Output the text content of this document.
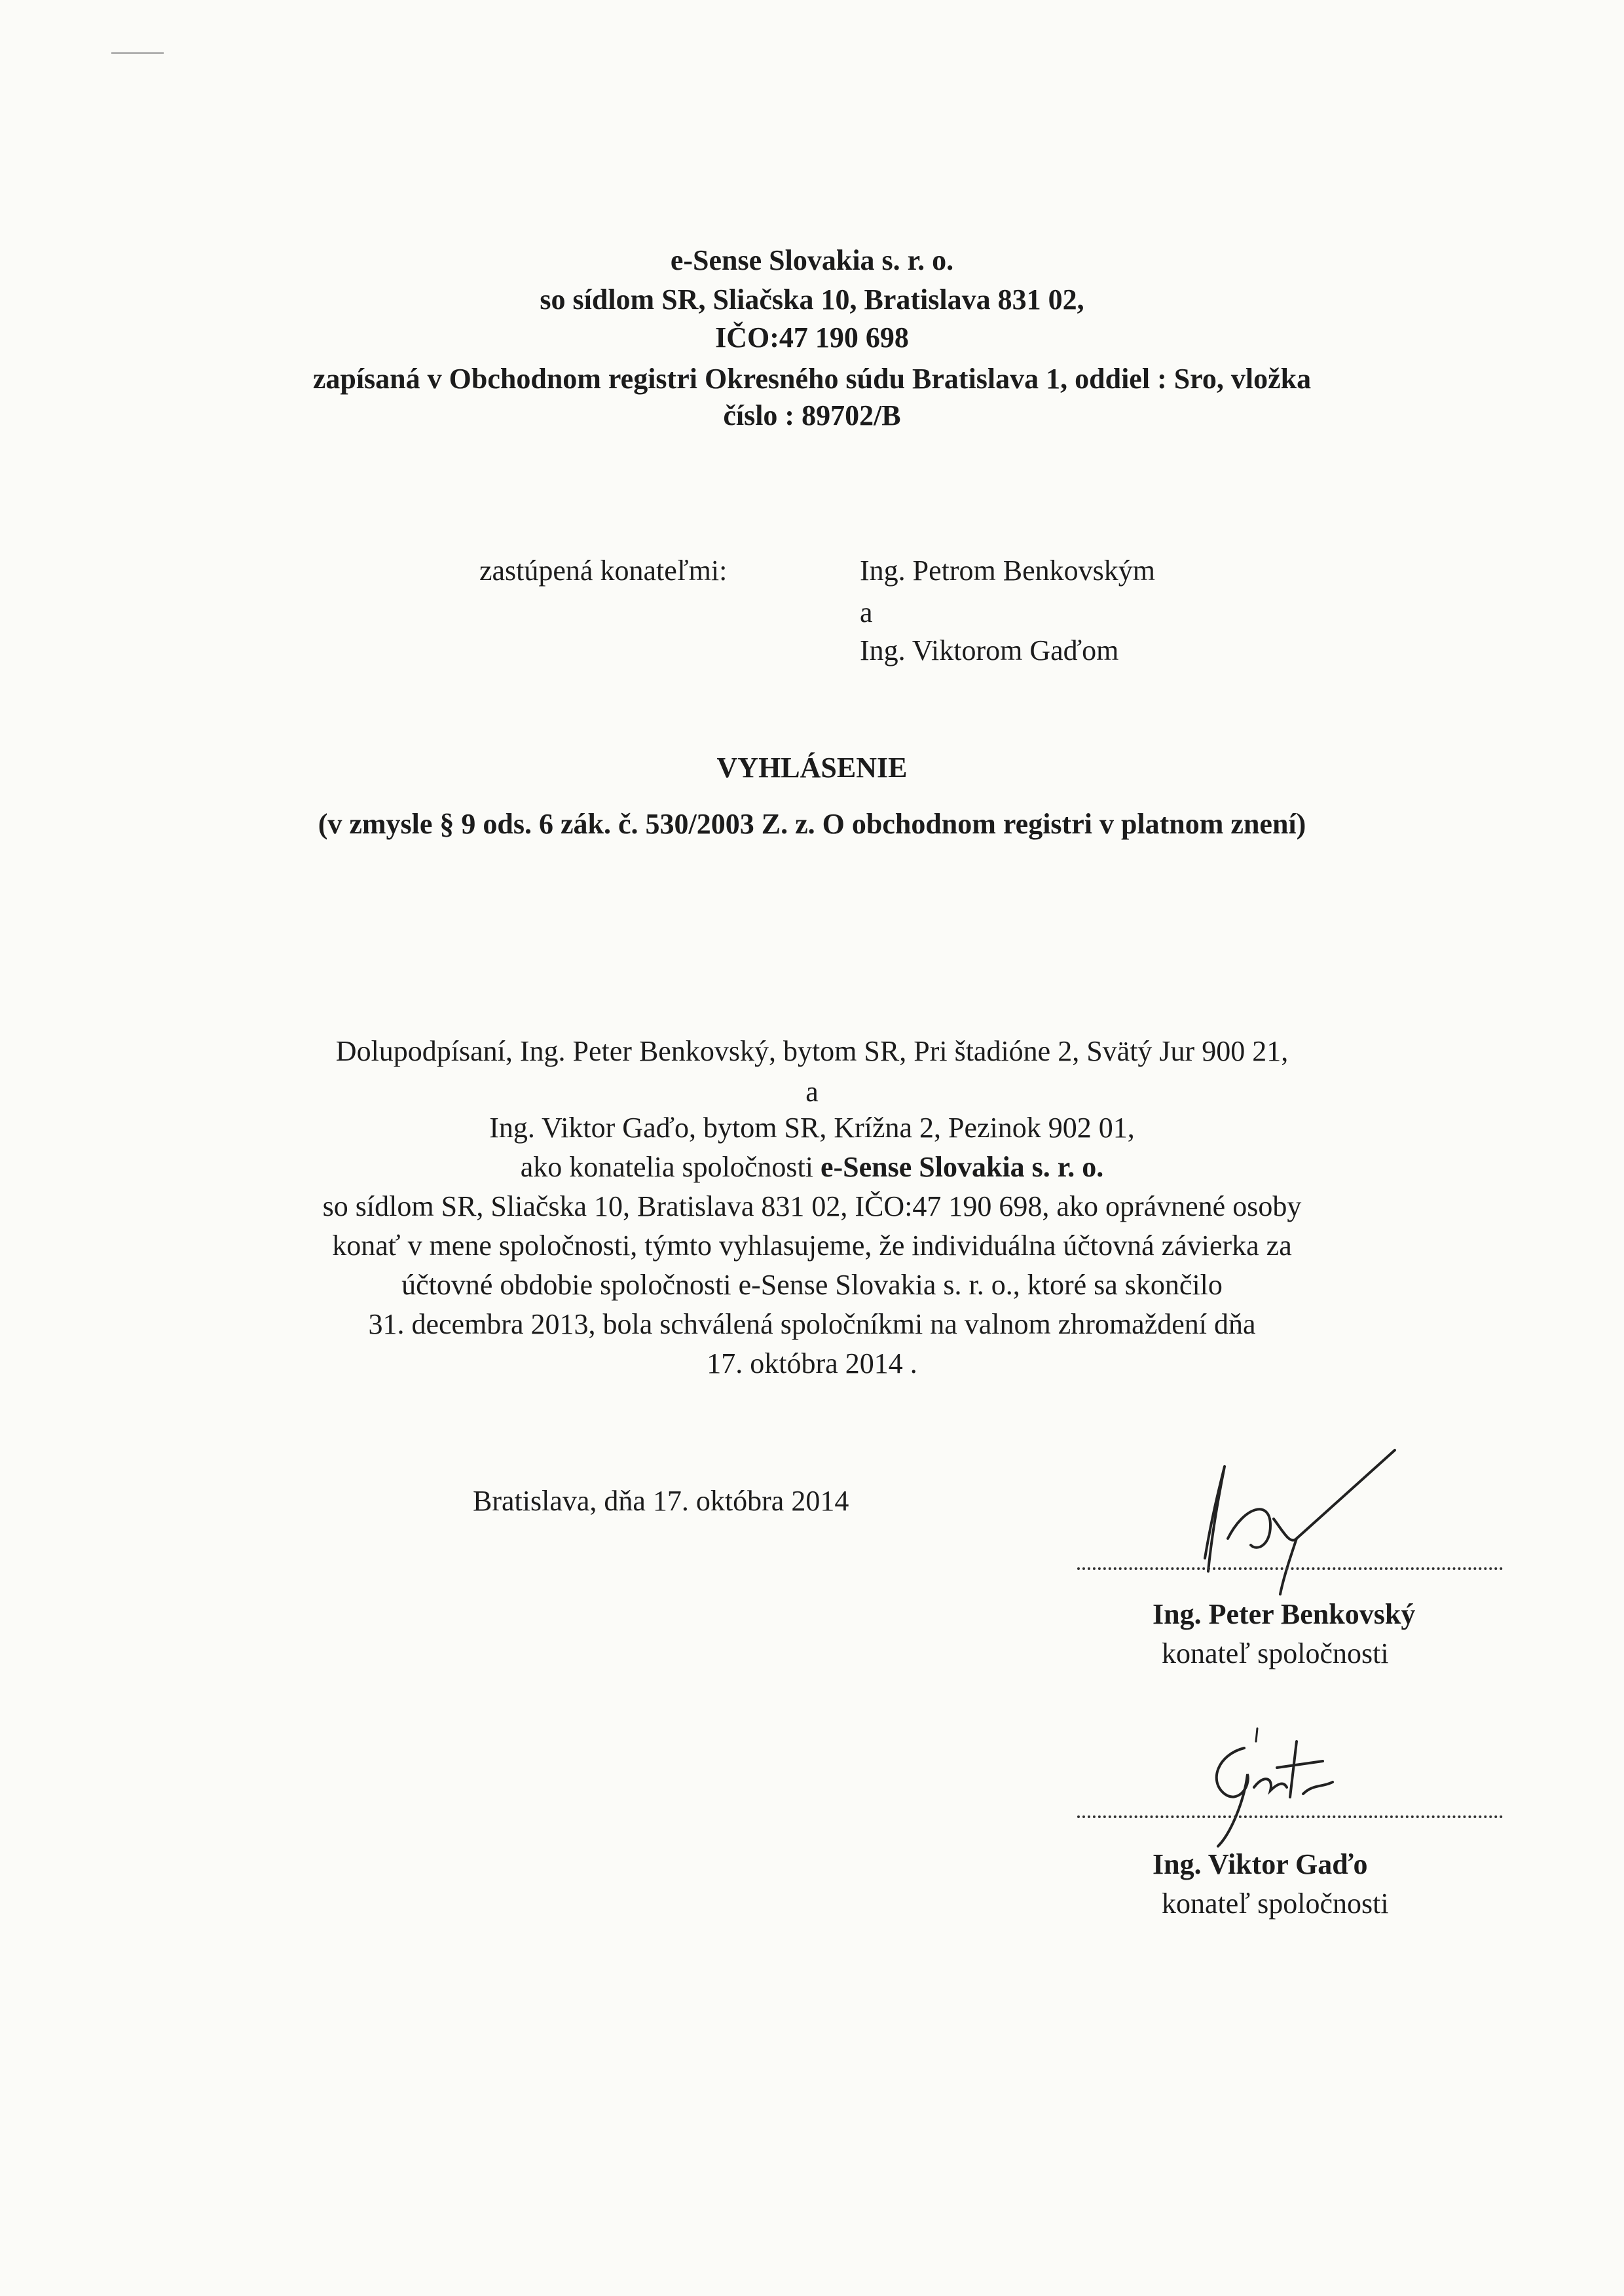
e-Sense Slovakia s. r. o.
so sídlom SR, Sliačska 10, Bratislava 831 02,
IČO:47 190 698
zapísaná v Obchodnom registri Okresného súdu Bratislava 1, oddiel : Sro, vložka
číslo : 89702/B
zastúpená konateľmi:	Ing. Petrom Benkovským
a
Ing. Viktorom Gaďom
VYHLÁSENIE
(v zmysle § 9 ods. 6 zák. č. 530/2003 Z. z. O obchodnom registri v platnom znení)
Dolupodpísaní, Ing. Peter Benkovský, bytom SR, Pri štadióne 2, Svätý Jur 900 21,
a
Ing. Viktor Gaďo, bytom SR, Krížna 2, Pezinok 902 01,
ako konatelia spoločnosti e-Sense Slovakia s. r. o.
so sídlom SR, Sliačska 10, Bratislava 831 02, IČO:47 190 698, ako oprávnené osoby
konať v mene spoločnosti, týmto vyhlasujeme, že individuálna účtovná závierka za
účtovné obdobie spoločnosti e-Sense Slovakia s. r. o., ktoré sa skončilo
31. decembra 2013, bola schválená spoločníkmi na valnom zhromaždení dňa
17. októbra 2014 .
Bratislava, dňa 17. októbra 2014
Ing. Peter Benkovský
konateľ spoločnosti
Ing. Viktor Gaďo
konateľ spoločnosti
